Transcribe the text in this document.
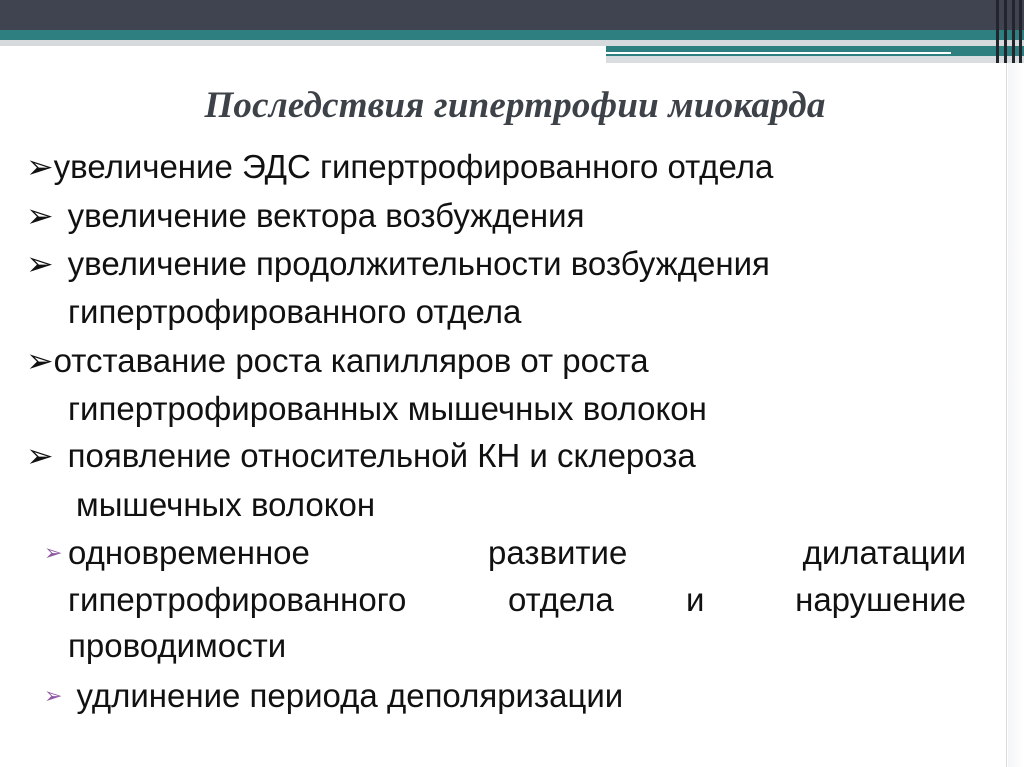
Последствия гипертрофии миокарда
➢увеличение ЭДС гипертрофированного отдела
➢ увеличение вектора возбуждения
➢ увеличение продолжительности возбуждения
гипертрофированного отдела
➢отставание роста капилляров от роста
гипертрофированных мышечных волокон
➢ появление относительной КН и склероза
мышечных волокон
➢ одновременное	развитие	дилатации
гипертрофированного	отдела и	нарушение
проводимости
➢ удлинение периода деполяризации
